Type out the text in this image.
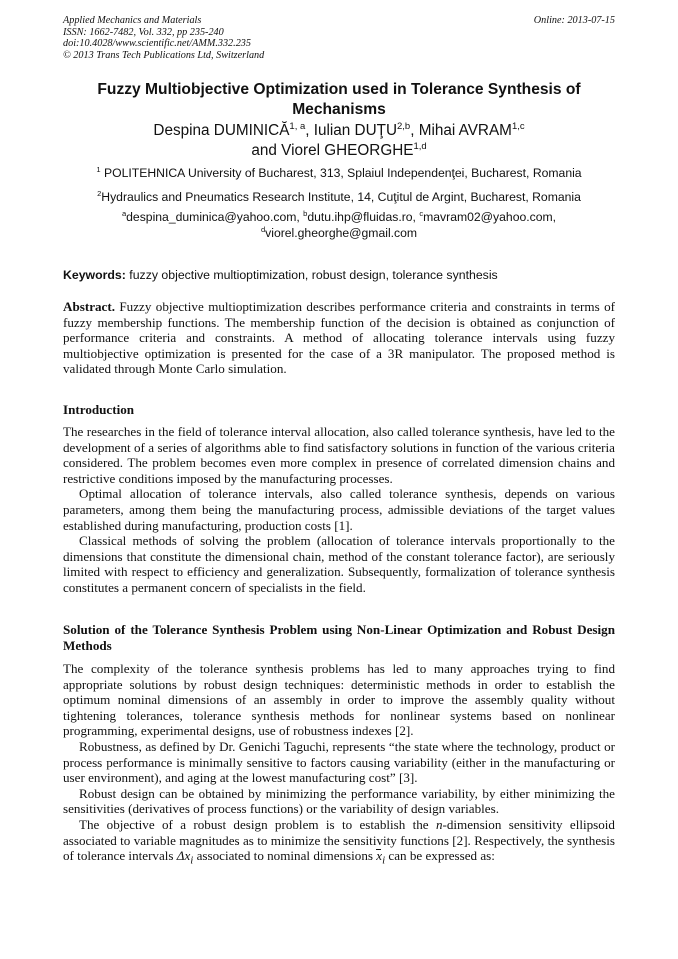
Applied Mechanics and Materials
ISSN: 1662-7482, Vol. 332, pp 235-240
doi:10.4028/www.scientific.net/AMM.332.235
© 2013 Trans Tech Publications Ltd, Switzerland
Online: 2013-07-15
Fuzzy Multiobjective Optimization used in Tolerance Synthesis of Mechanisms
Despina DUMINICĂ$^{1, a}$, Iulian DUŢU$^{2,b}$, Mihai AVRAM$^{1,c}$
and Viorel GHEORGHE$^{1,d}$
$^1$ POLITEHNICA University of Bucharest, 313, Splaiul Independenţei, Bucharest, Romania
$^2$Hydraulics and Pneumatics Research Institute, 14, Cuţitul de Argint, Bucharest, Romania
$^a$despina_duminica@yahoo.com, $^b$dutu.ihp@fluidas.ro, $^c$mavram02@yahoo.com,
$^d$viorel.gheorghe@gmail.com
Keywords: fuzzy objective multioptimization, robust design, tolerance synthesis

Abstract. Fuzzy objective multioptimization describes performance criteria and constraints in terms of fuzzy membership functions. The membership function of the decision is obtained as conjunction of performance criteria and constraints. A method of allocating tolerance intervals using fuzzy multiobjective optimization is presented for the case of a 3R manipulator. The proposed method is validated through Monte Carlo simulation.

Introduction

The researches in the field of tolerance interval allocation, also called tolerance synthesis, have led to the development of a series of algorithms able to find satisfactory solutions in function of the various criteria considered. The problem becomes even more complex in presence of correlated dimension chains and restrictive conditions imposed by the manufacturing processes.

Optimal allocation of tolerance intervals, also called tolerance synthesis, depends on various parameters, among them being the manufacturing process, admissible deviations of the target values established during manufacturing, production costs [1].

Classical methods of solving the problem (allocation of tolerance intervals proportionally to the dimensions that constitute the dimensional chain, method of the constant tolerance factor), are seriously limited with respect to efficiency and generalization. Subsequently, formalization of tolerance synthesis constitutes a permanent concern of specialists in the field.

Solution of the Tolerance Synthesis Problem using Non-Linear Optimization and Robust Design Methods

The complexity of the tolerance synthesis problems has led to many approaches trying to find appropriate solutions by robust design techniques: deterministic methods in order to establish the optimum nominal dimensions of an assembly in order to improve the assembly quality without tightening tolerances, tolerance synthesis methods for nonlinear systems based on nonlinear programming, experimental designs, use of robustness indexes [2].

Robustness, as defined by Dr. Genichi Taguchi, represents “the state where the technology, product or process performance is minimally sensitive to factors causing variability (either in the manufacturing or user environment), and aging at the lowest manufacturing cost” [3].

Robust design can be obtained by minimizing the performance variability, by either minimizing the sensitivities (derivatives of process functions) or the variability of design variables.

The objective of a robust design problem is to establish the n-dimension sensitivity ellipsoid associated to variable magnitudes as to minimize the sensitivity functions [2]. Respectively, the synthesis of tolerance intervals $\Delta x_i$ associated to nominal dimensions $x_i$ can be expressed as:
